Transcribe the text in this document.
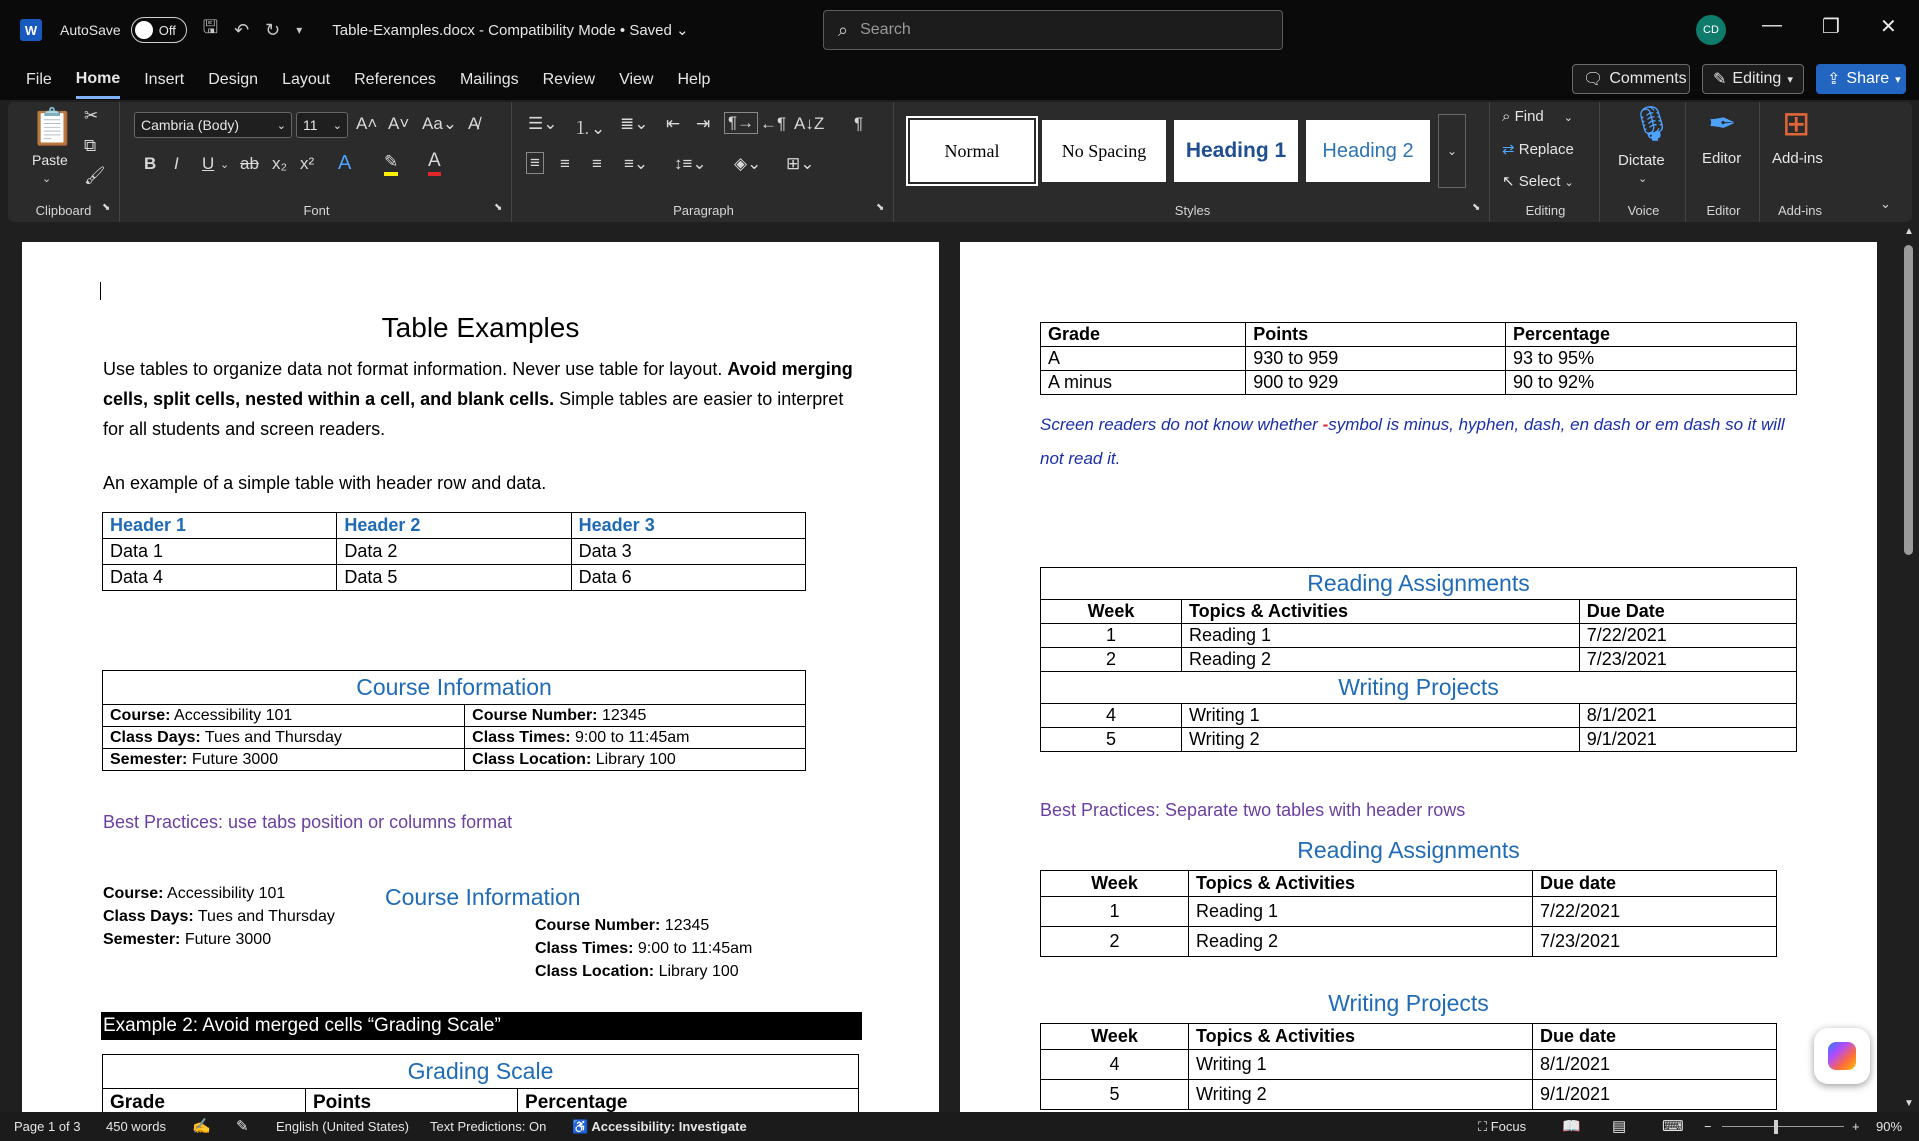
W	AutoSave	Off 🖫 ↶ ↻ ▾ Table-Examples.docx - Compatibility Mode • Saved ⌄	⌕ Search	CD	— ❐ ✕
File Home Insert Design Layout References Mailings Review View Help	🗨 Comments ✎ Editing ▾ ⇪ Share ▾
📋
Paste
⌄
✂
⧉
🖌
Clipboard	⬊
Cambria (Body)	⌄ 11 ⌄ A˄ A˅ Aa⌄ A̸
B I U ⌄ ab x₂ x² A ✎ A
Font	⬊
☰⌄ ⒈⌄ ≣⌄ ⇤ ⇥ ¶→ ←¶ A↓Z ¶
≡ ≡ ≡ ≡⌄ ↕≡⌄ ◈⌄ ⊞⌄
Paragraph	⬊
Normal	No Spacing	Heading 1	Heading 2	⌄
Styles	⬊
⌕ Find ⌄
⇄ Replace
↖ Select ⌄
Editing
🎙
Dictate
⌄
Voice
✒
Editor
Editor
⊞
Add-ins
Add-ins	⌄
Table Examples
Use tables to organize data not format information. Never use table for layout. Avoid merging cells, split cells, nested within a cell, and blank cells. Simple tables are easier to interpret for all students and screen readers.
An example of a simple table with header row and data.
Header 1	Header 2	Header 3
Data 1	Data 2	Data 3
Data 4	Data 5	Data 6
Course Information	
Course: Accessibility 101	Course Number: 12345
Class Days: Tues and Thursday	Class Times: 9:00 to 11:45am
Semester: Future 3000	Class Location: Library 100
Best Practices: use tabs position or columns format
Course: Accessibility 101
Class Days: Tues and Thursday
Semester: Future 3000
Course Information
Course Number: 12345
Class Times: 9:00 to 11:45am
Class Location: Library 100
Example 2: Avoid merged cells “Grading Scale”
Grading Scale
Grade	Points	Percentage
Grade	Points	Percentage
A	930 to 959	93 to 95%
A minus	900 to 929	90 to 92%
Screen readers do not know whether -symbol is minus, hyphen, dash, en dash or em dash so it will not read it.
Reading Assignments		
Week	Topics & Activities	Due Date
1	Reading 1	7/22/2021
2	Reading 2	7/23/2021
Writing Projects		
4	Writing 1	8/1/2021
5	Writing 2	9/1/2021
Best Practices: Separate two tables with header rows
Reading Assignments
Week	Topics & Activities	Due date
1	Reading 1	7/22/2021
2	Reading 2	7/23/2021
Writing Projects
Week	Topics & Activities	Due date
4	Writing 1	8/1/2021
5	Writing 2	9/1/2021
▲
▼
Page 1 of 3 450 words ✍ ✎ English (United States) Text Predictions: On ♿ Accessibility: Investigate	⛶ Focus 📖 ▤ ⌨ −	+ 90%
